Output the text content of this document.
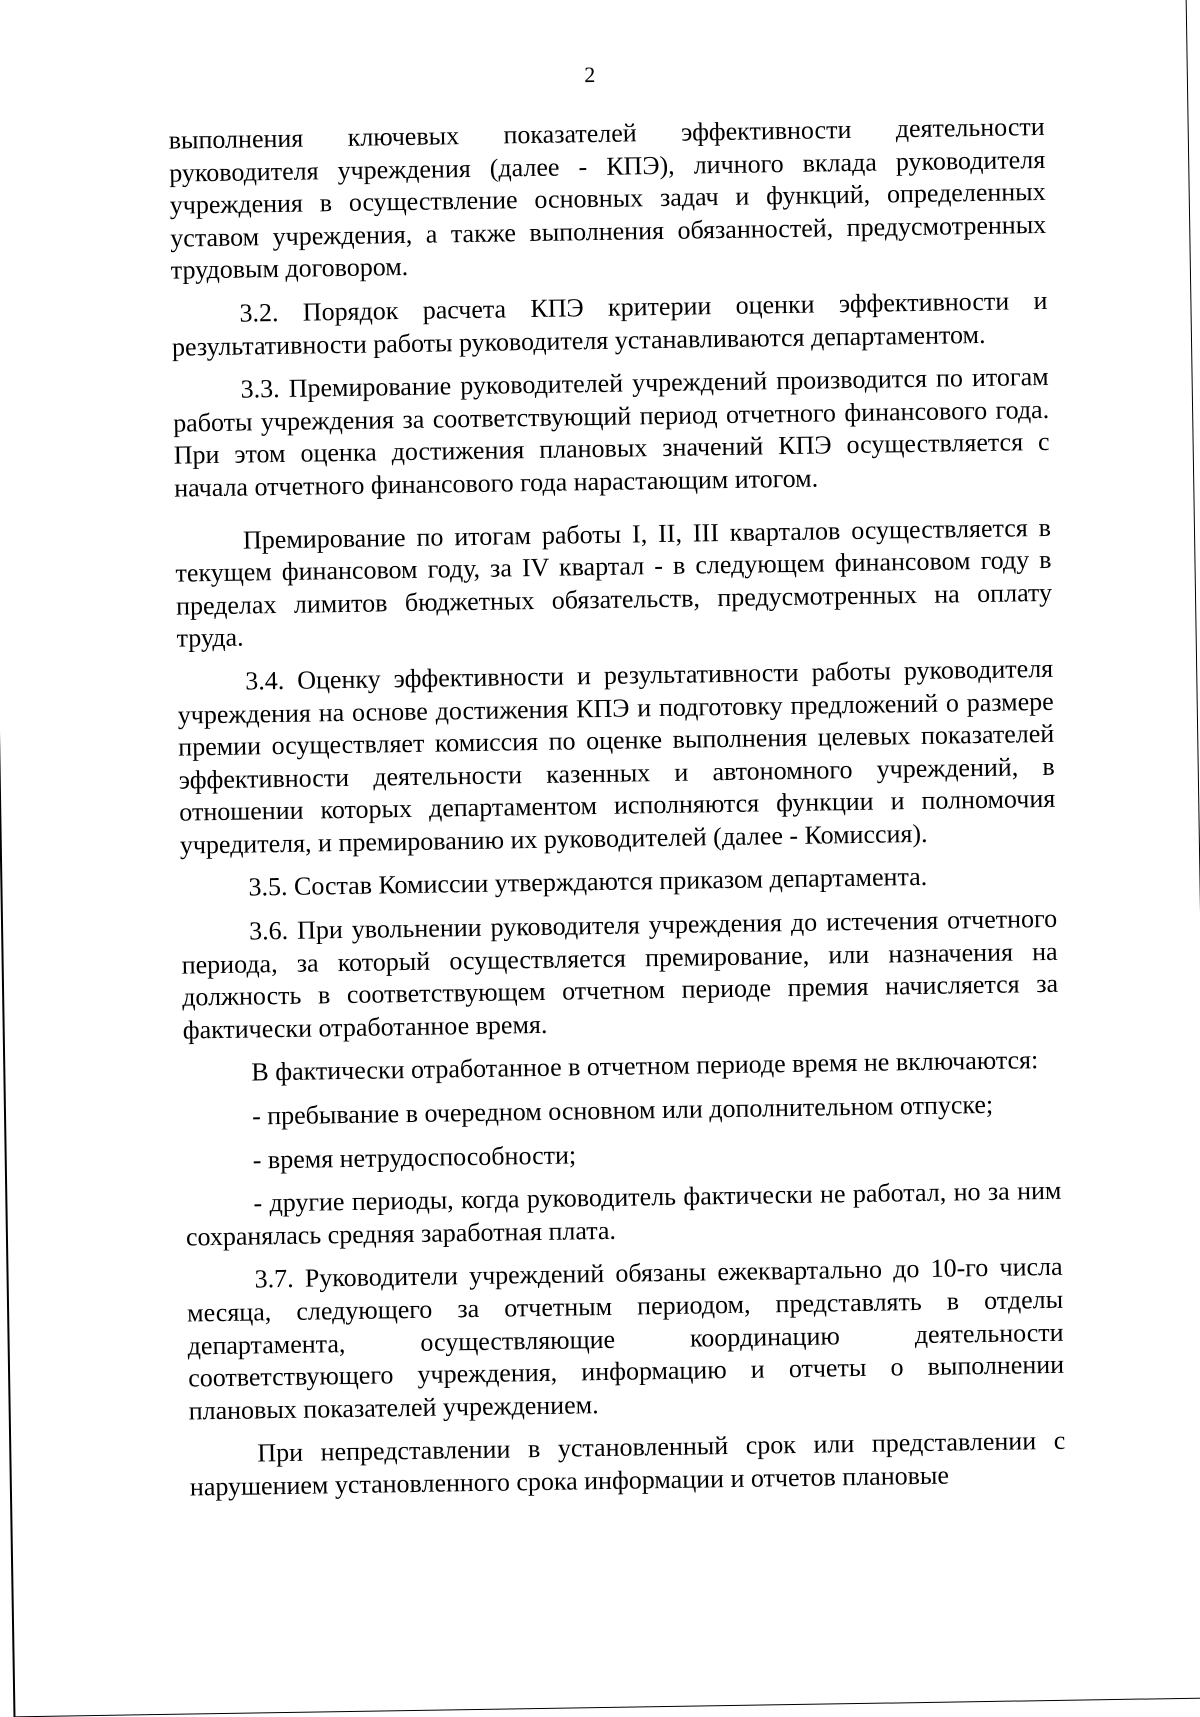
2

выполнения ключевых показателей эффективности деятельности руководителя учреждения (далее - КПЭ), личного вклада руководителя учреждения в осуществление основных задач и функций, определенных уставом учреждения, а также выполнения обязанностей, предусмотренных трудовым договором.

3.2. Порядок расчета КПЭ критерии оценки эффективности и результативности работы руководителя устанавливаются департаментом.

3.3. Премирование руководителей учреждений производится по итогам работы учреждения за соответствующий период отчетного финансового года. При этом оценка достижения плановых значений КПЭ осуществляется с начала отчетного финансового года нарастающим итогом.

Премирование по итогам работы I, II, III кварталов осуществляется в текущем финансовом году, за IV квартал - в следующем финансовом году в пределах лимитов бюджетных обязательств, предусмотренных на оплату труда.

3.4. Оценку эффективности и результативности работы руководителя учреждения на основе достижения КПЭ и подготовку предложений о размере премии осуществляет комиссия по оценке выполнения целевых показателей эффективности деятельности казенных и автономного учреждений, в отношении которых департаментом исполняются функции и полномочия учредителя, и премированию их руководителей (далее - Комиссия).

3.5. Состав Комиссии утверждаются приказом департамента.

3.6. При увольнении руководителя учреждения до истечения отчетного периода, за который осуществляется премирование, или назначения на должность в соответствующем отчетном периоде премия начисляется за фактически отработанное время.

В фактически отработанное в отчетном периоде время не включаются:

- пребывание в очередном основном или дополнительном отпуске;

- время нетрудоспособности;

- другие периоды, когда руководитель фактически не работал, но за ним сохранялась средняя заработная плата.

3.7. Руководители учреждений обязаны ежеквартально до 10-го числа месяца, следующего за отчетным периодом, представлять в отделы департамента, осуществляющие координацию деятельности соответствующего учреждения, информацию и отчеты о выполнении плановых показателей учреждением.

При непредставлении в установленный срок или представлении с нарушением установленного срока информации и отчетов плановые
